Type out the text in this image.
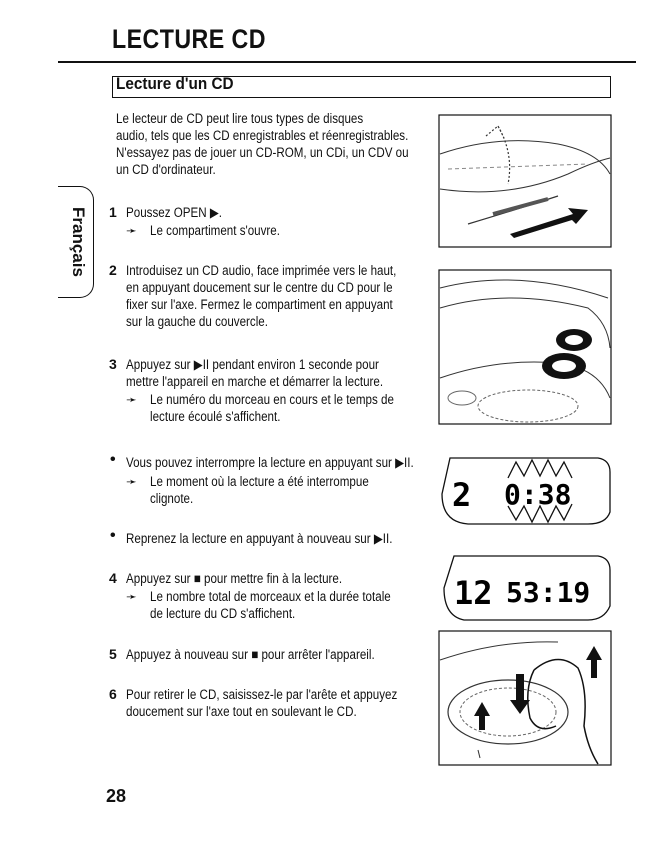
LECTURE CD
Lecture d'un CD
Français
Le lecteur de CD peut lire tous types de disques
audio, tels que les CD enregistrables et réenregistrables.
N'essayez pas de jouer un CD-ROM, un CDi, un CDV ou
un CD d'ordinateur.
1 Poussez OPEN ▶.
➛ Le compartiment s'ouvre.
2 Introduisez un CD audio, face imprimée vers le haut,
en appuyant doucement sur le centre du CD pour le
fixer sur l'axe. Fermez le compartiment en appuyant
sur la gauche du couvercle.
3 Appuyez sur ▶II pendant environ 1 seconde pour
mettre l'appareil en marche et démarrer la lecture.
➛ Le numéro du morceau en cours et le temps de
lecture écoulé s'affichent.
• Vous pouvez interrompre la lecture en appuyant sur ▶II.
➛ Le moment où la lecture a été interrompue
clignote.
• Reprenez la lecture en appuyant à nouveau sur ▶II.
4 Appuyez sur ■ pour mettre fin à la lecture.
➛ Le nombre total de morceaux et la durée totale
de lecture du CD s'affichent.
5 Appuyez à nouveau sur ■ pour arrêter l'appareil.
6 Pour retirer le CD, saisissez-le par l'arête et appuyez
doucement sur l'axe tout en soulevant le CD.
2 0:38
12 53:19
28
